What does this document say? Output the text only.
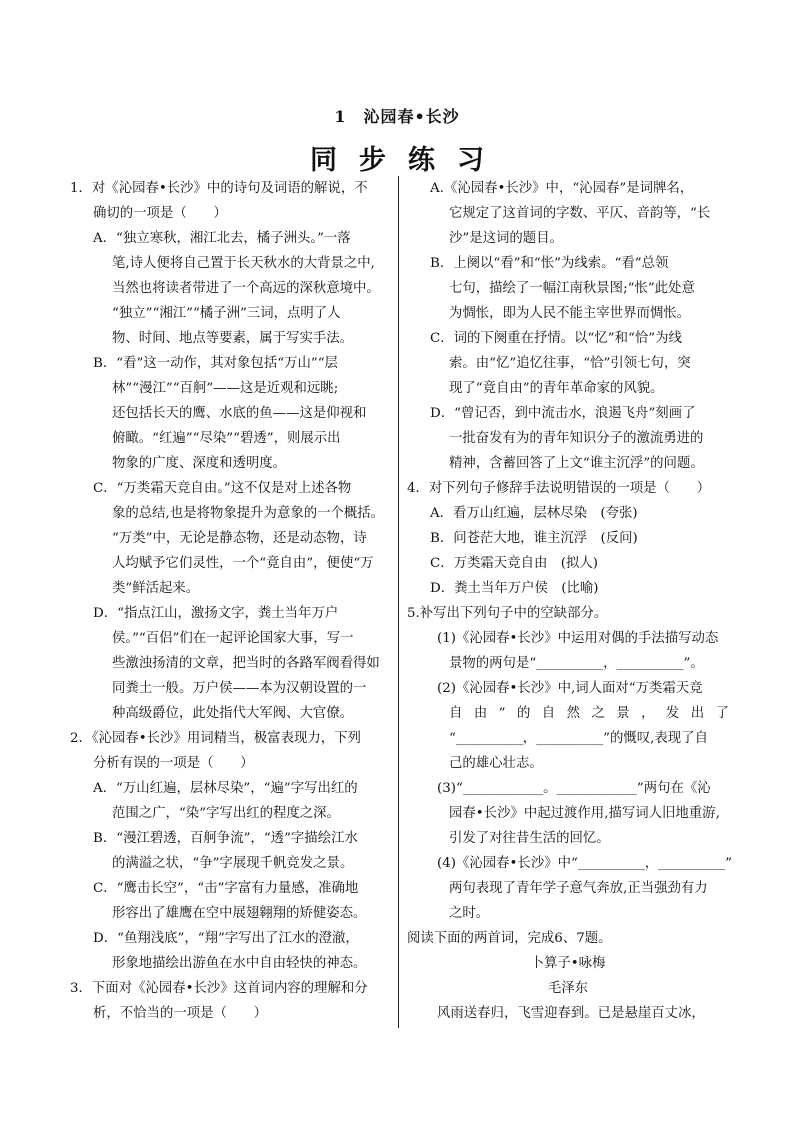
1　沁园春•长沙
同步练习
1．对《沁园春•长沙》中的诗句及词语的解说，不
确切的一项是（　　）
A．“独立寒秋，湘江北去，橘子洲头。”一落
笔,诗人便将自己置于长天秋水的大背景之中,
当然也将读者带进了一个高远的深秋意境中。
“独立”“湘江”“橘子洲”三词，点明了人
物、时间、地点等要素，属于写实手法。
B．“看”这一动作，其对象包括“万山”“层
林”“漫江”“百舸”——这是近观和远眺;
还包括长天的鹰、水底的鱼——这是仰视和
俯瞰。“红遍”“尽染”“碧透”，则展示出
物象的广度、深度和透明度。
C．“万类霜天竞自由。”这不仅是对上述各物
象的总结,也是将物象提升为意象的一个概括。
“万类”中，无论是静态物，还是动态物，诗
人均赋予它们灵性，一个“竟自由”，便使“万
类”鲜活起来。
D．“指点江山，激扬文字，粪土当年万户
侯。”“百侣”们在一起评论国家大事，写一
些激浊扬清的文章，把当时的各路军阀看得如
同粪土一般。万户侯——本为汉朝设置的一
种高级爵位，此处指代大军阀、大官僚。
2．《沁园春•长沙》用词精当，极富表现力，下列
分析有误的一项是（　　）
A．“万山红遍，层林尽染”，“遍”字写出红的
范围之广，“染”字写出红的程度之深。
B．“漫江碧透，百舸争流”，“透”字描绘江水
的满溢之状，“争”字展现千帆竞发之景。
C．“鹰击长空”，“击”字富有力量感，准确地
形容出了雄鹰在空中展翅翱翔的矫健姿态。
D．“鱼翔浅底”，“翔”字写出了江水的澄澈，
形象地描绘出游鱼在水中自由轻快的神态。
3．下面对《沁园春•长沙》这首词内容的理解和分
析，不恰当的一项是（　　）
A.《沁园春•长沙》中，“沁园春”是词牌名，
它规定了这首词的字数、平仄、音韵等，“长
沙”是这词的题目。
B．上阕以“看”和“怅”为线索。“看”总领
七句，描绘了一幅江南秋景图;“怅”此处意
为惆怅，即为人民不能主宰世界而惆怅。
C．词的下阕重在抒情。以“忆”和“恰”为线
索。由“忆”追忆往事，“恰”引领七句，突
现了“竟自由”的青年革命家的风貌。
D．“曾记否，到中流击水，浪遏飞舟”刻画了
一批奋发有为的青年知识分子的激流勇进的
精神，含蓄回答了上文“谁主沉浮”的问题。
4．对下列句子修辞手法说明错误的一项是（　　）
A．看万山红遍，层林尽染　(夸张)
B．问苍茫大地，谁主沉浮　(反问)
C．万类霜天竞自由　(拟人)
D．粪土当年万户侯　(比喻)
5.补写出下列句子中的空缺部分。
(1)《沁园春•长沙》中运用对偶的手法描写动态
景物的两句是“__________，__________”。
(2)《沁园春•长沙》中,词人面对“万类霜天竞
自 由 ” 的 自 然 之 景 ， 发 出 了
“__________，__________”的慨叹,表现了自
己的雄心壮志。
(3)“____________。____________”两句在《沁
园春•长沙》中起过渡作用,描写词人旧地重游,
引发了对往昔生活的回忆。
(4)《沁园春•长沙》中“__________，__________”
两句表现了青年学子意气奔放,正当强劲有力
之时。
阅读下面的两首词，完成6、7题。
卜算子•咏梅
毛泽东
风雨送春归，飞雪迎春到。已是悬崖百丈冰，
